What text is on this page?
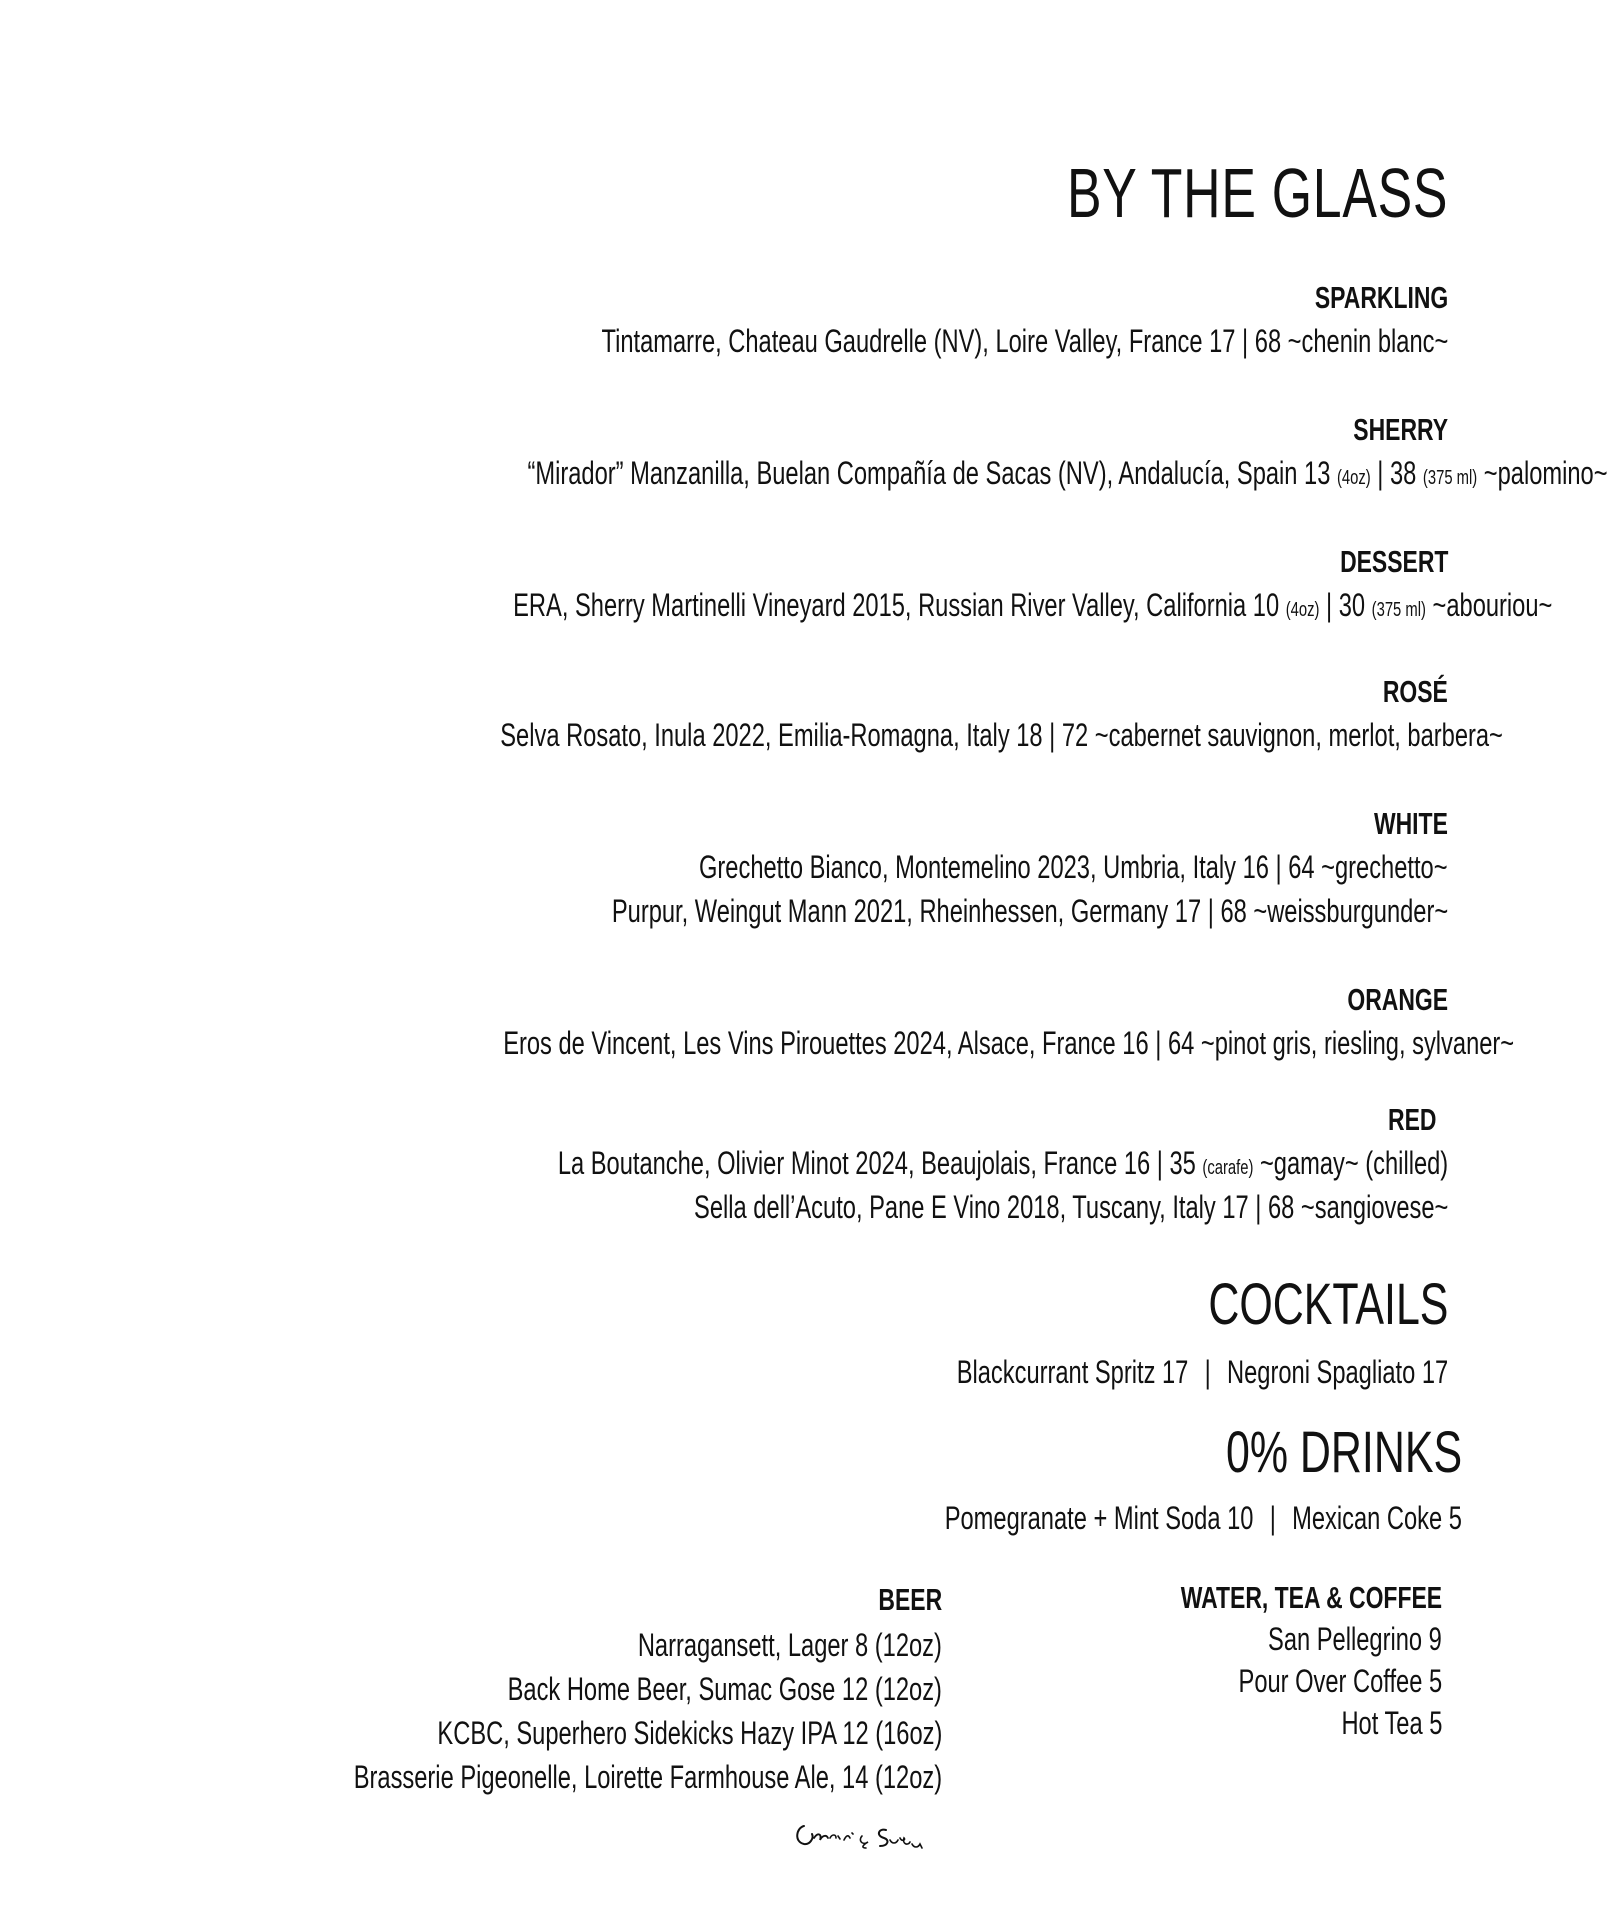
BY THE GLASS
SPARKLING
Tintamarre, Chateau Gaudrelle (NV), Loire Valley, France 17 | 68 ~chenin blanc~
SHERRY
“Mirador” Manzanilla, Buelan Compañía de Sacas (NV), Andalucía, Spain 13 (4oz) | 38 (375 ml) ~palomino~
DESSERT
ERA, Sherry Martinelli Vineyard 2015, Russian River Valley, California 10 (4oz) | 30 (375 ml) ~abouriou~
ROSÉ
Selva Rosato, Inula 2022, Emilia-Romagna, Italy 18 | 72 ~cabernet sauvignon, merlot, barbera~
WHITE
Grechetto Bianco, Montemelino 2023, Umbria, Italy 16 | 64 ~grechetto~
Purpur, Weingut Mann 2021, Rheinhessen, Germany 17 | 68 ~weissburgunder~
ORANGE
Eros de Vincent, Les Vins Pirouettes 2024, Alsace, France 16 | 64 ~pinot gris, riesling, sylvaner~
RED
La Boutanche, Olivier Minot 2024, Beaujolais, France 16 | 35 (carafe) ~gamay~ (chilled)
Sella dell’Acuto, Pane E Vino 2018, Tuscany, Italy 17 | 68 ~sangiovese~
COCKTAILS
Blackcurrant Spritz 17 | Negroni Spagliato 17
0% DRINKS
Pomegranate + Mint Soda 10 | Mexican Coke 5
BEER
Narragansett, Lager 8 (12oz)
Back Home Beer, Sumac Gose 12 (12oz)
KCBC, Superhero Sidekicks Hazy IPA 12 (16oz)
Brasserie Pigeonelle, Loirette Farmhouse Ale, 14 (12oz)
WATER, TEA & COFFEE
San Pellegrino 9
Pour Over Coffee 5
Hot Tea 5
